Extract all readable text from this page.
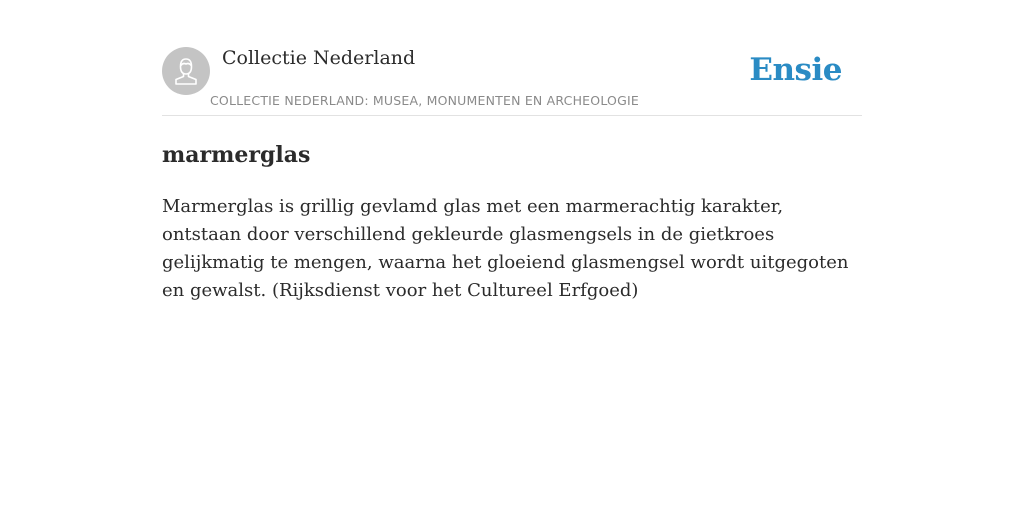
Collectie Nederland
COLLECTIE NEDERLAND: MUSEA, MONUMENTEN EN ARCHEOLOGIE
Ensie
marmerglas

Marmerglas is grillig gevlamd glas met een marmerachtig karakter, ontstaan door verschillend gekleurde glasmengsels in de gietkroes gelijkmatig te mengen, waarna het gloeiend glasmengsel wordt uitgegoten en gewalst. (Rijksdienst voor het Cultureel Erfgoed)
